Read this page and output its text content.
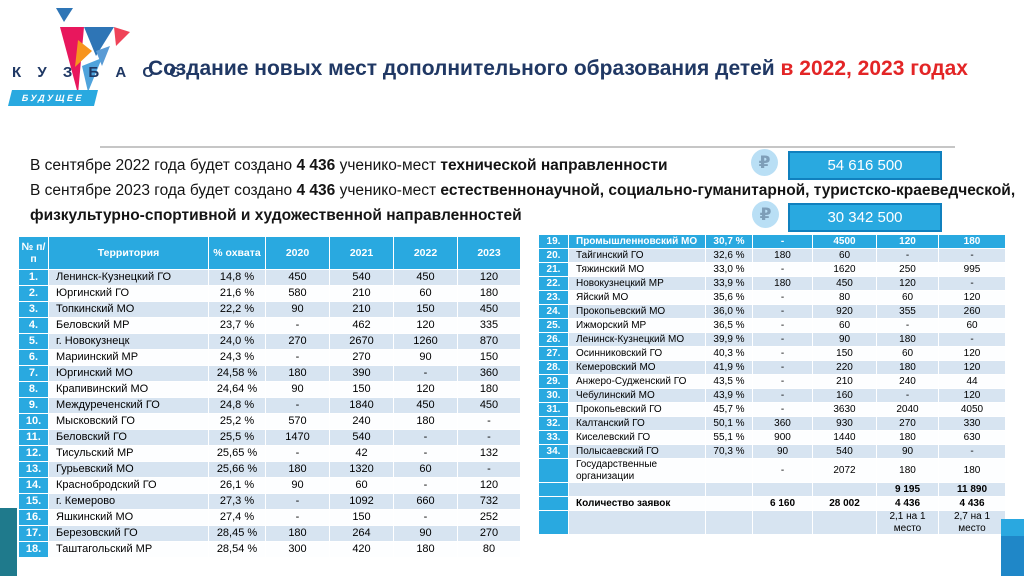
К У З Б А С С
БУДУЩЕЕ
Создание новых мест дополнительного образования детей в 2022, 2023 годах
В сентябре 2022 года будет создано 4 436 ученико-мест технической направленности
В сентябре 2023 года будет создано 4 436 ученико-мест естественнонаучной, социально-гуманитарной, туристско-краеведческой, физкультурно-спортивной и художественной направленностей
₽	54 616 500
₽	30 342 500
№ п/п	Территория	% охвата	2020	2021	2022	2023
1.	Ленинск-Кузнецкий ГО	14,8 %	450	540	450	120
2.	Юргинский ГО	21,6 %	580	210	60	180
3.	Топкинский МО	22,2 %	90	210	150	450
4.	Беловский МР	23,7 %	-	462	120	335
5.	г. Новокузнецк	24,0 %	270	2670	1260	870
6.	Мариинский МР	24,3 %	-	270	90	150
7.	Юргинский МО	24,58 %	180	390	-	360
8.	Крапивинский МО	24,64 %	90	150	120	180
9.	Междуреченский ГО	24,8 %	-	1840	450	450
10.	Мысковский ГО	25,2 %	570	240	180	-
11.	Беловский ГО	25,5 %	1470	540	-	-
12.	Тисульский МР	25,65 %	-	42	-	132
13.	Гурьевский МО	25,66 %	180	1320	60	-
14.	Краснобродский ГО	26,1 %	90	60	-	120
15.	г. Кемерово	27,3 %	-	1092	660	732
16.	Яшкинский МО	27,4 %	-	150	-	252
17.	Березовский ГО	28,45 %	180	264	90	270
18.	Таштагольский МР	28,54 %	300	420	180	80
19.	Промышленновский МО	30,7 %	-	4500	120	180
20.	Тайгинский ГО	32,6 %	180	60	-	-
21.	Тяжинский МО	33,0 %	-	1620	250	995
22.	Новокузнецкий МР	33,9 %	180	450	120	-
23.	Яйский МО	35,6 %	-	80	60	120
24.	Прокопьевский МО	36,0 %	-	920	355	260
25.	Ижморский МР	36,5 %	-	60	-	60
26.	Ленинск-Кузнецкий МО	39,9 %	-	90	180	-
27.	Осинниковский ГО	40,3 %	-	150	60	120
28.	Кемеровский МО	41,9 %	-	220	180	120
29.	Анжеро-Судженский ГО	43,5 %	-	210	240	44
30.	Чебулинский МО	43,9 %	-	160	-	120
31.	Прокопьевский ГО	45,7 %	-	3630	2040	4050
32.	Калтанский ГО	50,1 %	360	930	270	330
33.	Киселевский ГО	55,1 %	900	1440	180	630
34.	Полысаевский ГО	70,3 %	90	540	90	-
	Государственные организации		-	2072	180	180
					9 195	11 890
	Количество заявок		6 160	28 002	4 436	4 436
					2,1 на 1 место	2,7 на 1 место
